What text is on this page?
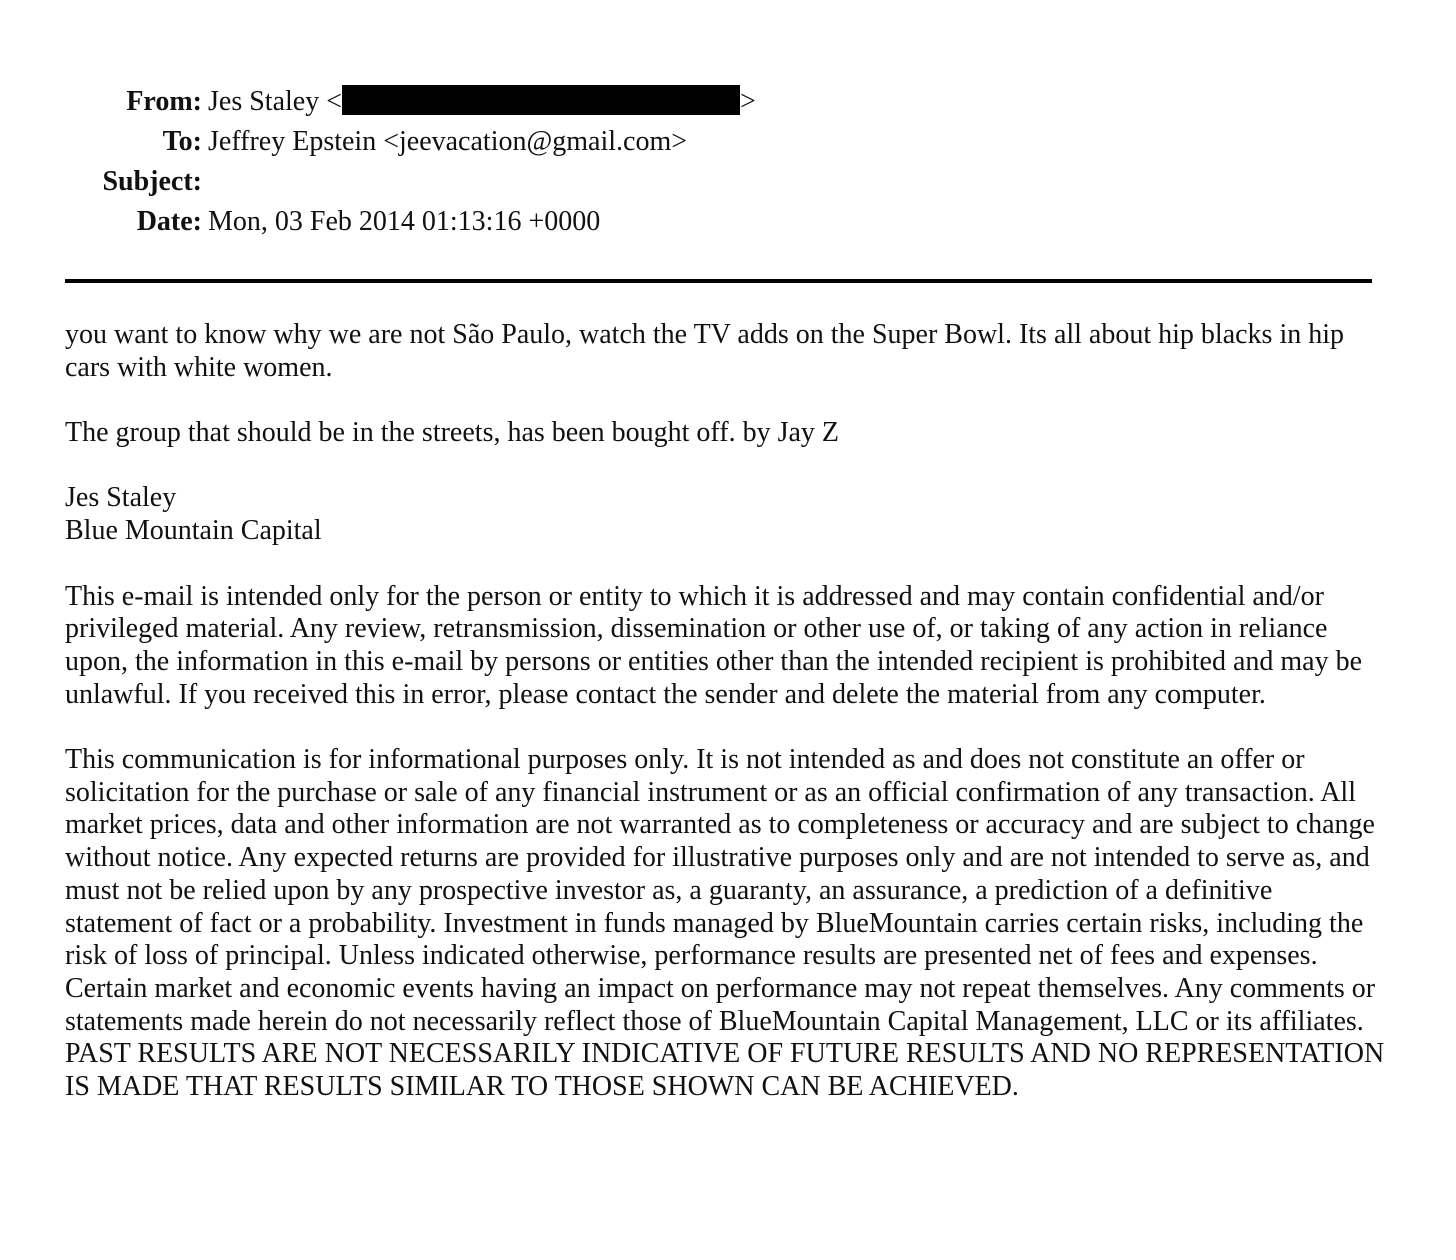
From: Jes Staley <	>
To: Jeffrey Epstein <jeevacation@gmail.com>
Subject:
Date: Mon, 03 Feb 2014 01:13:16 +0000

you want to know why we are not São Paulo, watch the TV adds on the Super Bowl. Its all about hip blacks in hip cars with white women.

The group that should be in the streets, has been bought off. by Jay Z

Jes Staley

Blue Mountain Capital

This e-mail is intended only for the person or entity to which it is addressed and may contain confidential and/or privileged material. Any review, retransmission, dissemination or other use of, or taking of any action in reliance upon, the information in this e-mail by persons or entities other than the intended recipient is prohibited and may be unlawful. If you received this in error, please contact the sender and delete the material from any computer.

This communication is for informational purposes only. It is not intended as and does not constitute an offer or solicitation for the purchase or sale of any financial instrument or as an official confirmation of any transaction. All market prices, data and other information are not warranted as to completeness or accuracy and are subject to change without notice. Any expected returns are provided for illustrative purposes only and are not intended to serve as, and must not be relied upon by any prospective investor as, a guaranty, an assurance, a prediction of a definitive statement of fact or a probability. Investment in funds managed by BlueMountain carries certain risks, including the risk of loss of principal. Unless indicated otherwise, performance results are presented net of fees and expenses. Certain market and economic events having an impact on performance may not repeat themselves. Any comments or statements made herein do not necessarily reflect those of BlueMountain Capital Management, LLC or its affiliates. PAST RESULTS ARE NOT NECESSARILY INDICATIVE OF FUTURE RESULTS AND NO REPRESENTATION IS MADE THAT RESULTS SIMILAR TO THOSE SHOWN CAN BE ACHIEVED.
